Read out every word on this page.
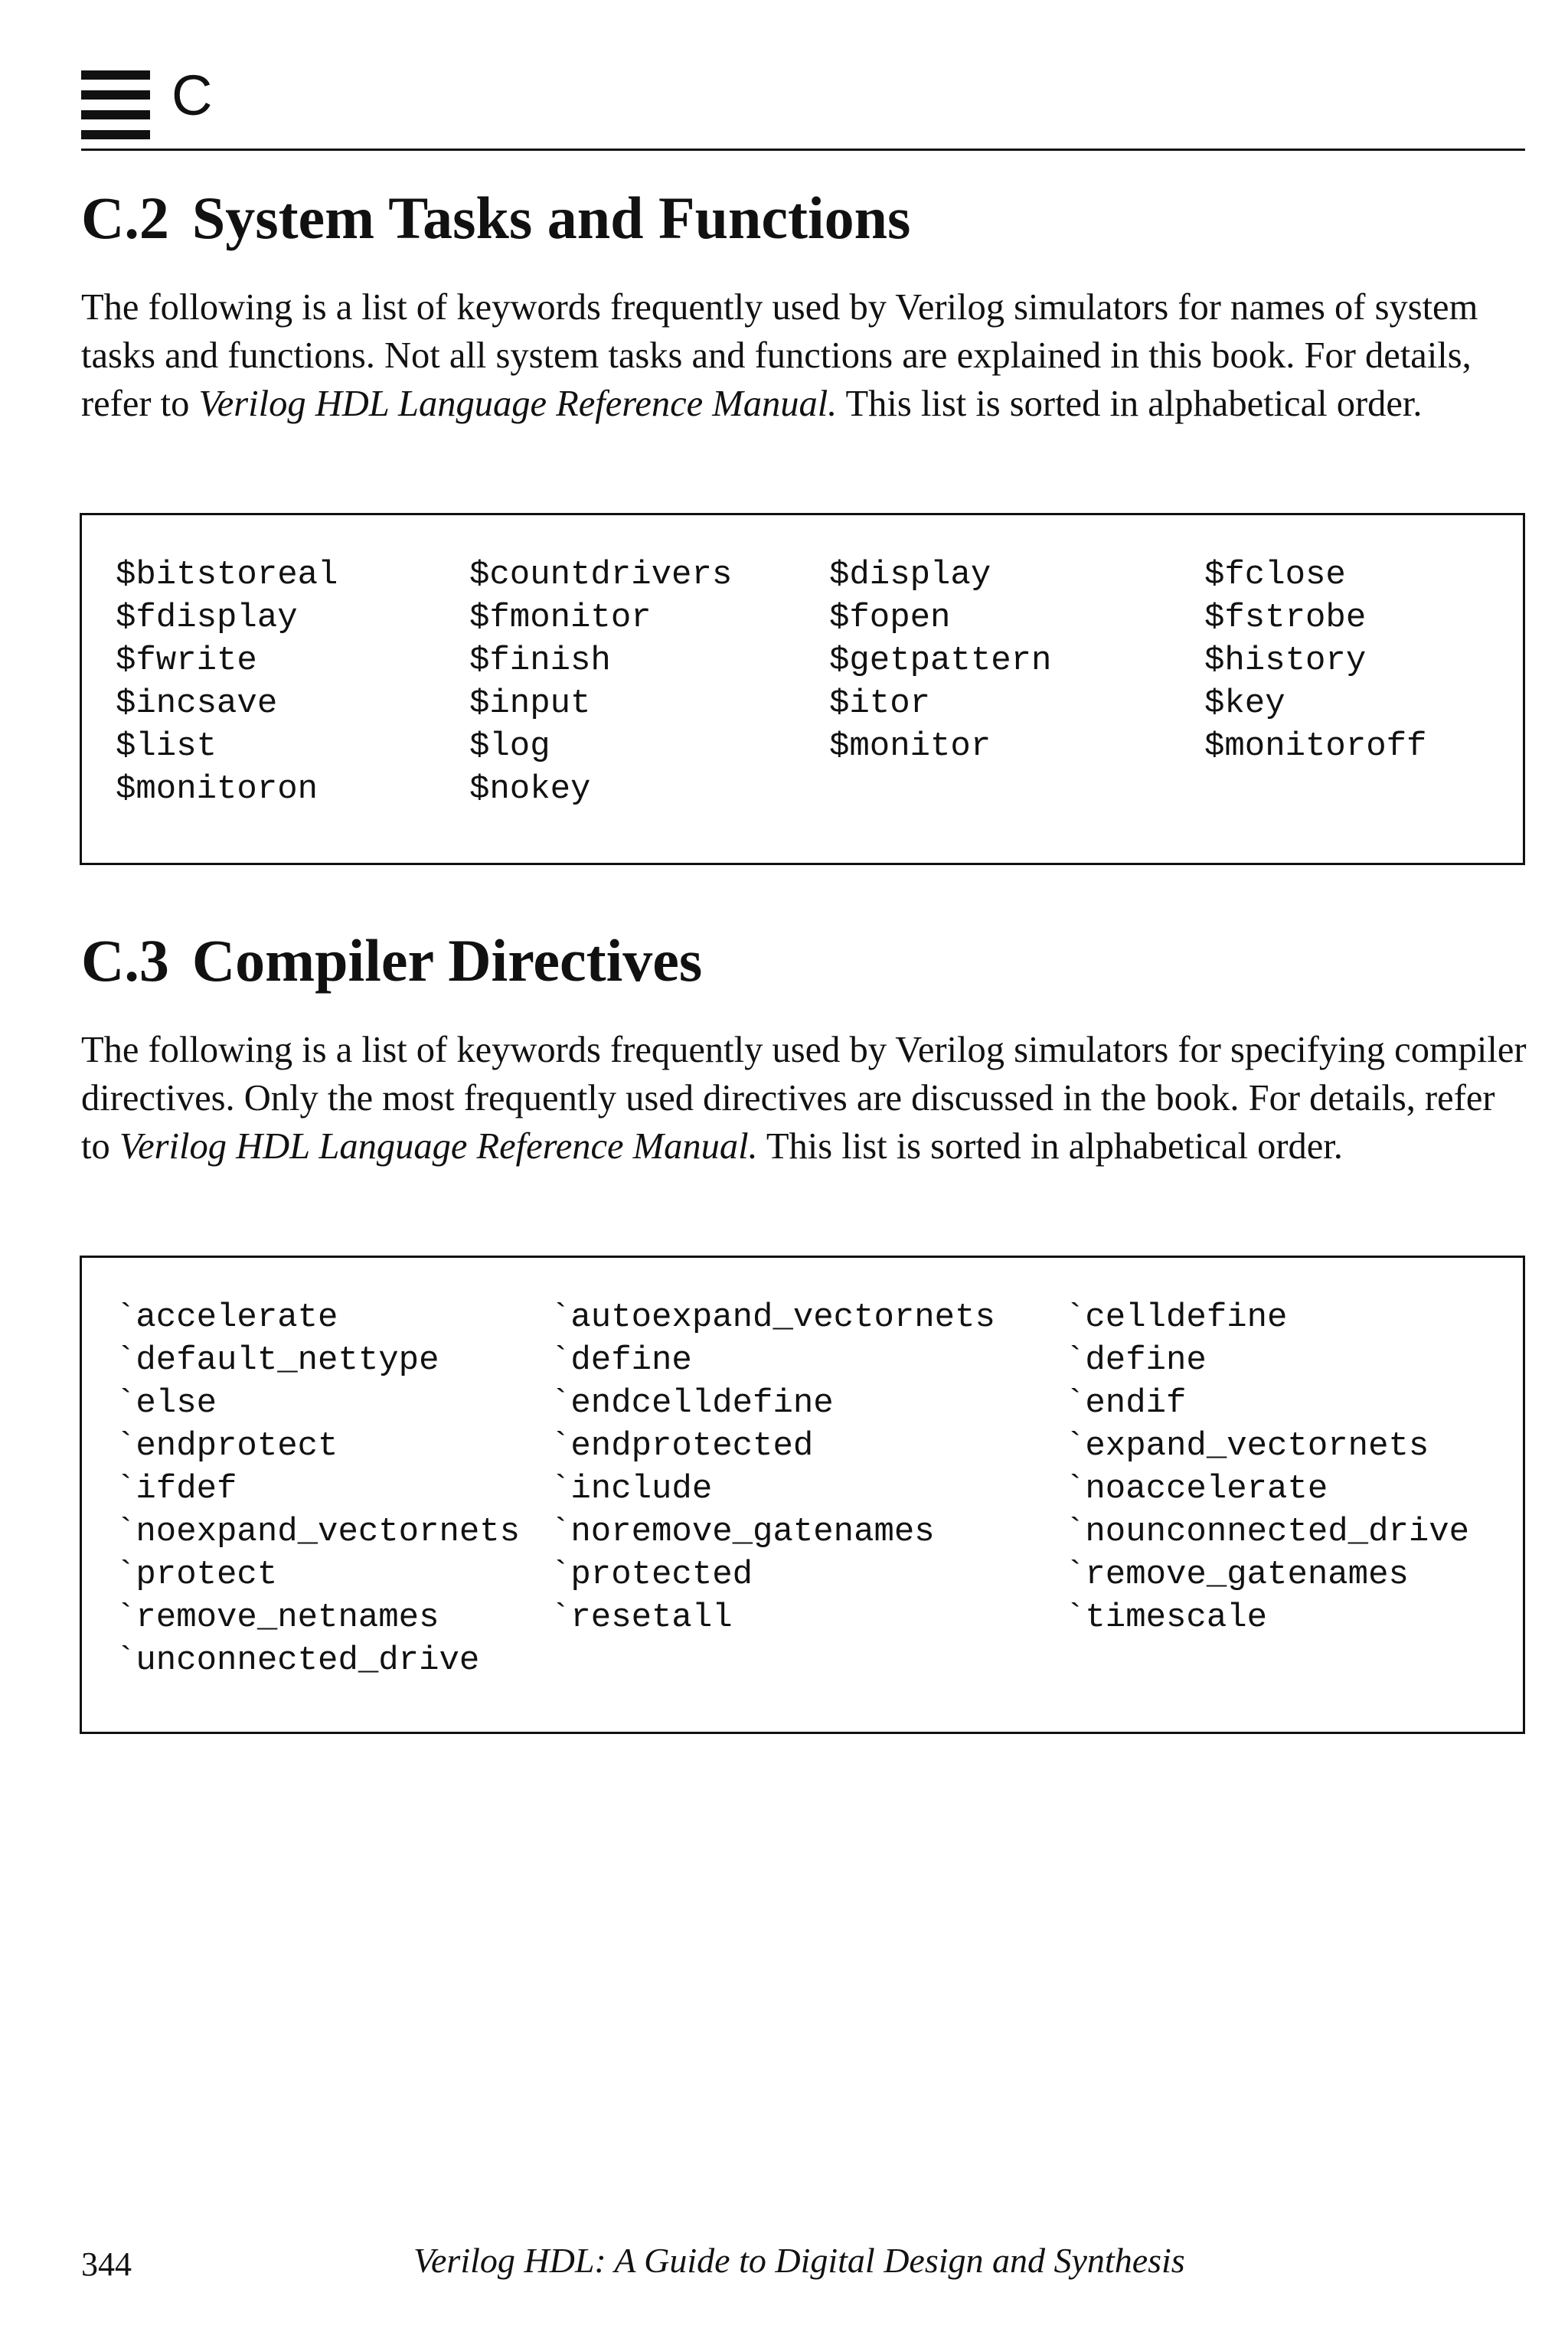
C
C.2 System Tasks and Functions

The following is a list of keywords frequently used by Verilog simulators for names of system tasks and functions. Not all system tasks and functions are explained in this book. For details, refer to Verilog HDL Language Reference Manual. This list is sorted in alphabetical order.

$bitstoreal	$countdrivers	$display	$fclose
$fdisplay	$fmonitor	$fopen	$fstrobe
$fwrite	$finish	$getpattern	$history
$incsave	$input	$itor	$key
$list	$log	$monitor	$monitoroff
$monitoron	$nokey
C.3 Compiler Directives

The following is a list of keywords frequently used by Verilog simulators for specifying compiler directives. Only the most frequently used directives are discussed in the book. For details, refer to Verilog HDL Language Reference Manual. This list is sorted in alphabetical order.

`accelerate	`autoexpand_vectornets	`celldefine
`default_nettype	`define	`define
`else	`endcelldefine	`endif
`endprotect	`endprotected	`expand_vectornets
`ifdef	`include	`noaccelerate
`noexpand_vectornets `noremove_gatenames	`nounconnected_drive
`protect	`protected	`remove_gatenames
`remove_netnames	`resetall	`timescale
`unconnected_drive
344	Verilog HDL: A Guide to Digital Design and Synthesis
